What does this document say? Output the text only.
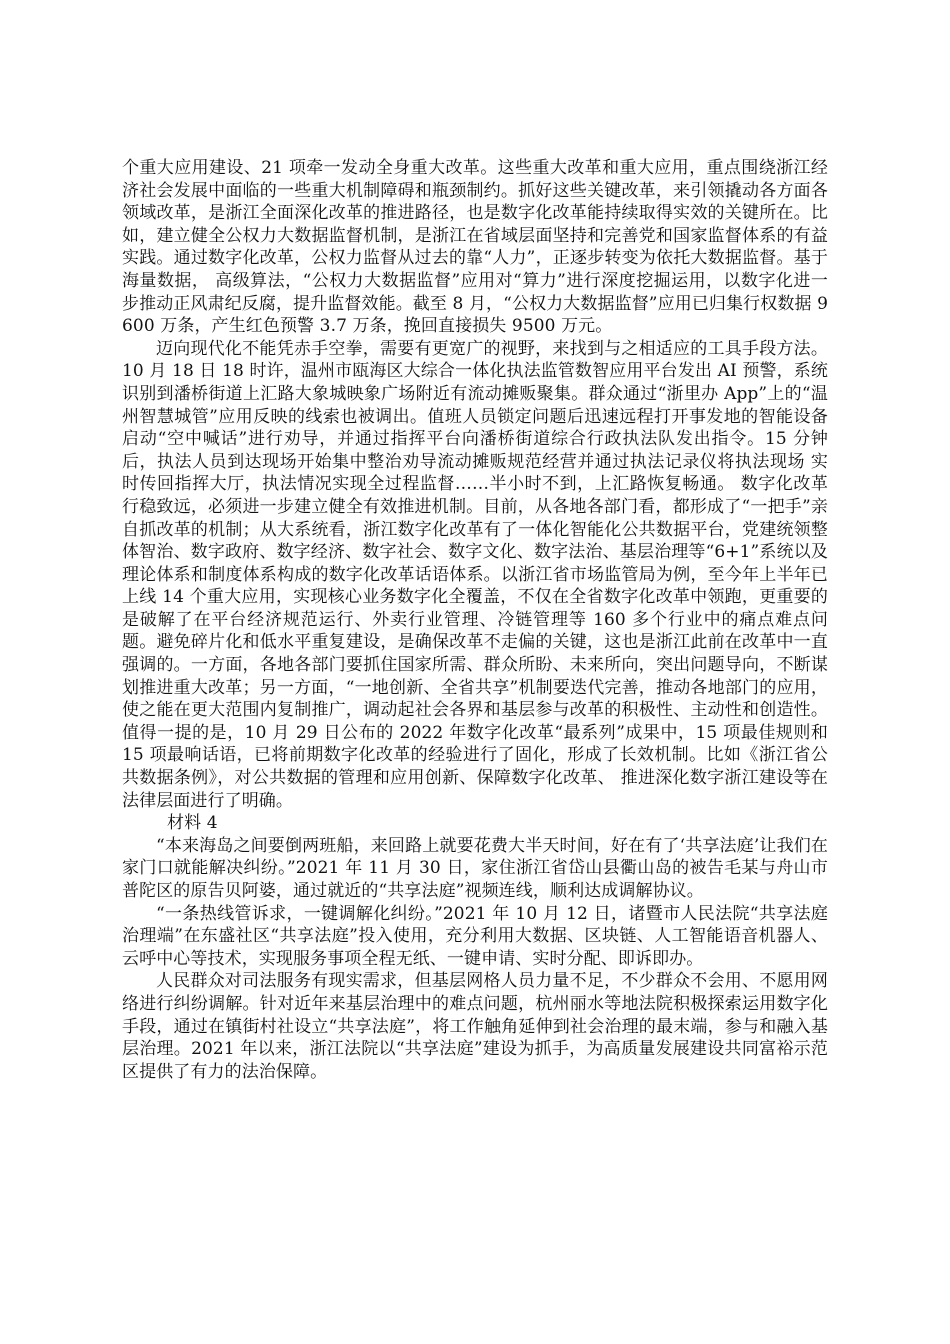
个重大应用建设、21 项牵一发动全身重大改革。这些重大改革和重大应用，重点围绕浙江经济社会发展中面临的一些重大机制障碍和瓶颈制约。抓好这些关键改革，来引领撬动各方面各领域改革，是浙江全面深化改革的推进路径，也是数字化改革能持续取得实效的关键所在。比如，建立健全公权力大数据监督机制，是浙江在省域层面坚持和完善党和国家监督体系的有益实践。通过数字化改革，公权力监督从过去的靠“人力”，正逐步转变为依托大数据监督。基于海量数据， 高级算法，“公权力大数据监督”应用对“算力”进行深度挖掘运用，以数字化进一步推动正风肃纪反腐，提升监督效能。截至 8 月，“公权力大数据监督”应用已归集行权数据 9600 万条，产生红色预警 3.7 万条，挽回直接损失 9500 万元。

迈向现代化不能凭赤手空拳，需要有更宽广的视野，来找到与之相适应的工具手段方法。10 月 18 日 18 时许，温州市瓯海区大综合一体化执法监管数智应用平台发出 AI 预警，系统识别到潘桥街道上汇路大象城映象广场附近有流动摊贩聚集。群众通过“浙里办 App”上的“温州智慧城管”应用反映的线索也被调出。值班人员锁定问题后迅速远程打开事发地的智能设备启动“空中喊话”进行劝导，并通过指挥平台向潘桥街道综合行政执法队发出指令。15 分钟后，执法人员到达现场开始集中整治劝导流动摊贩规范经营并通过执法记录仪将执法现场 实时传回指挥大厅，执法情况实现全过程监督……半小时不到，上汇路恢复畅通。 数字化改革行稳致远，必须进一步建立健全有效推进机制。目前，从各地各部门看，都形成了“一把手”亲自抓改革的机制；从大系统看，浙江数字化改革有了一体化智能化公共数据平台，党建统领整体智治、数字政府、数字经济、数字社会、数字文化、数字法治、基层治理等“6+1”系统以及理论体系和制度体系构成的数字化改革话语体系。以浙江省市场监管局为例，至今年上半年已上线 14 个重大应用，实现核心业务数字化全覆盖，不仅在全省数字化改革中领跑，更重要的是破解了在平台经济规范运行、外卖行业管理、冷链管理等 160 多个行业中的痛点难点问题。避免碎片化和低水平重复建设，是确保改革不走偏的关键，这也是浙江此前在改革中一直强调的。一方面，各地各部门要抓住国家所需、群众所盼、未来所向，突出问题导向，不断谋划推进重大改革；另一方面，“一地创新、全省共享”机制要迭代完善，推动各地部门的应用，使之能在更大范围内复制推广，调动起社会各界和基层参与改革的积极性、主动性和创造性。值得一提的是，10 月 29 日公布的 2022 年数字化改革“最系列”成果中，15 项最佳规则和 15 项最响话语，已将前期数字化改革的经验进行了固化，形成了长效机制。比如《浙江省公共数据条例》，对公共数据的管理和应用创新、保障数字化改革、 推进深化数字浙江建设等在法律层面进行了明确。

材料 4

“本来海岛之间要倒两班船，来回路上就要花费大半天时间，好在有了‘共享法庭’让我们在家门口就能解决纠纷。”2021 年 11 月 30 日，家住浙江省岱山县衢山岛的被告毛某与舟山市普陀区的原告贝阿婆，通过就近的“共享法庭”视频连线，顺利达成调解协议。

“一条热线管诉求，一键调解化纠纷。”2021 年 10 月 12 日，诸暨市人民法院“共享法庭治理端”在东盛社区“共享法庭”投入使用，充分利用大数据、区块链、人工智能语音机器人、云呼中心等技术，实现服务事项全程无纸、一键申请、实时分配、即诉即办。

人民群众对司法服务有现实需求，但基层网格人员力量不足，不少群众不会用、不愿用网络进行纠纷调解。针对近年来基层治理中的难点问题，杭州丽水等地法院积极探索运用数字化手段，通过在镇街村社设立“共享法庭”，将工作触角延伸到社会治理的最末端，参与和融入基层治理。2021 年以来，浙江法院以“共享法庭”建设为抓手，为高质量发展建设共同富裕示范区提供了有力的法治保障。
